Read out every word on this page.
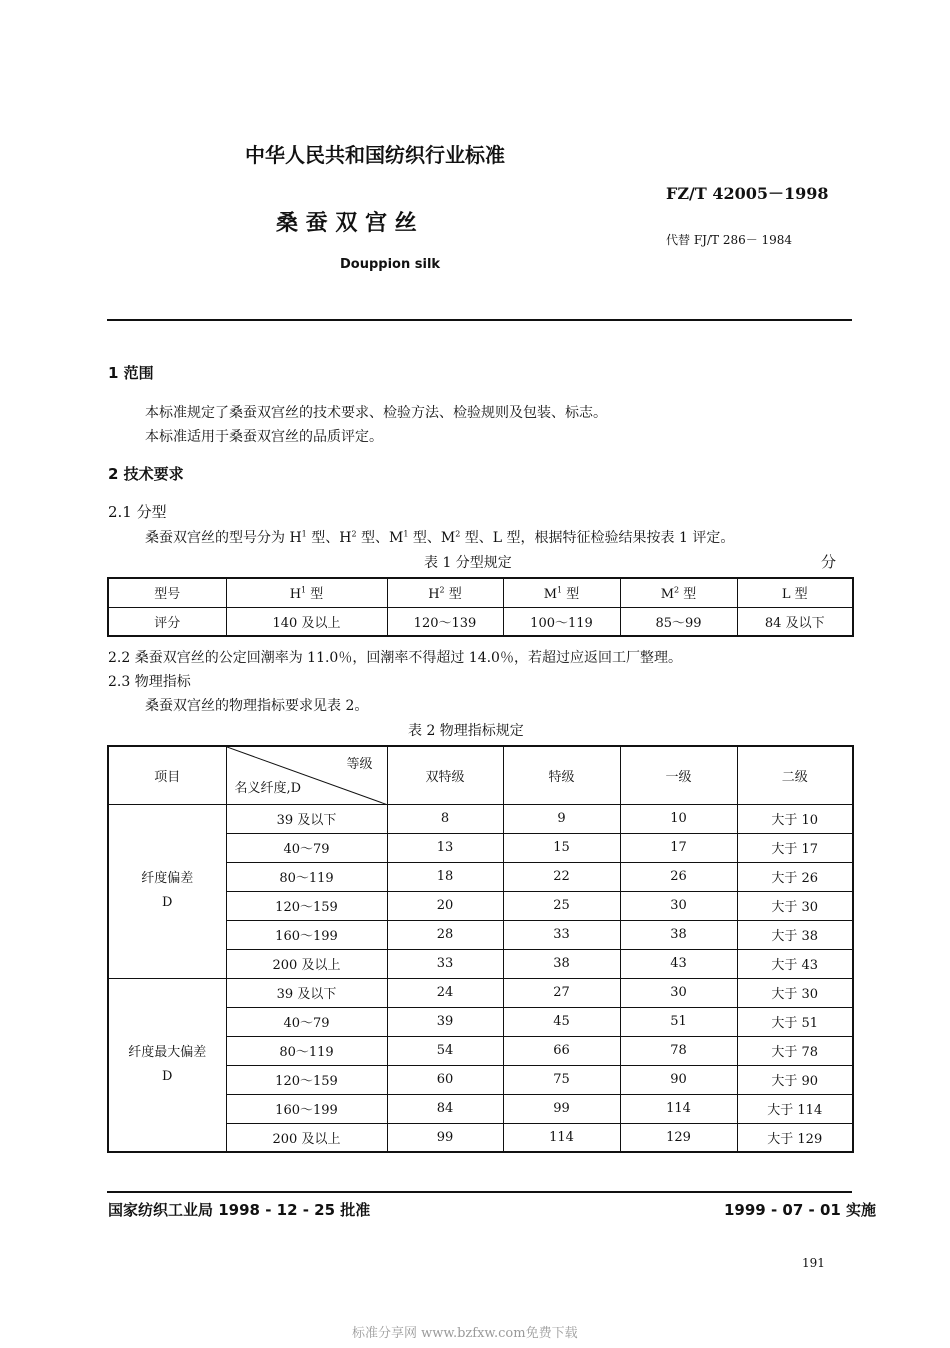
中华人民共和国纺织行业标准
FZ/T 42005－1998
桑 蚕 双 宫 丝
代替 FJ/T 286－ 1984
Douppion silk
1 范围
本标准规定了桑蚕双宫丝的技术要求、检验方法、检验规则及包装、标志。
本标准适用于桑蚕双宫丝的品质评定。
2 技术要求
2.1 分型
桑蚕双宫丝的型号分为 $H^1$ 型、$H^2$ 型、$M^1$ 型、$M^2$ 型、L 型，根据特征检验结果按表 1 评定。
表 1 分型规定	分
型号	$H^1$ 型	$H^2$ 型	$M^1$ 型	$M^2$ 型	L 型
评分	140 及以上	120～139	100～119	85～99	84 及以下
2.2 桑蚕双宫丝的公定回潮率为 11.0％，回潮率不得超过 14.0％，若超过应返回工厂整理。
2.3 物理指标
桑蚕双宫丝的物理指标要求见表 2。
表 2 物理指标规定
项目	等级
名义纤度,D	双特级	特级	一级	二级
纤度偏差
D	39 及以下	8	9	10	大于 10
	40～79	13	15	17	大于 17
	80～119	18	22	26	大于 26
	120～159	20	25	30	大于 30
	160～199	28	33	38	大于 38
	200 及以上	33	38	43	大于 43
纤度最大偏差
D	39 及以下	24	27	30	大于 30
	40～79	39	45	51	大于 51
	80～119	54	66	78	大于 78
	120～159	60	75	90	大于 90
	160～199	84	99	114	大于 114
	200 及以上	99	114	129	大于 129
国家纺织工业局 1998 - 12 - 25 批准	1999 - 07 - 01 实施
191
标准分享网 www.bzfxw.com免费下载
